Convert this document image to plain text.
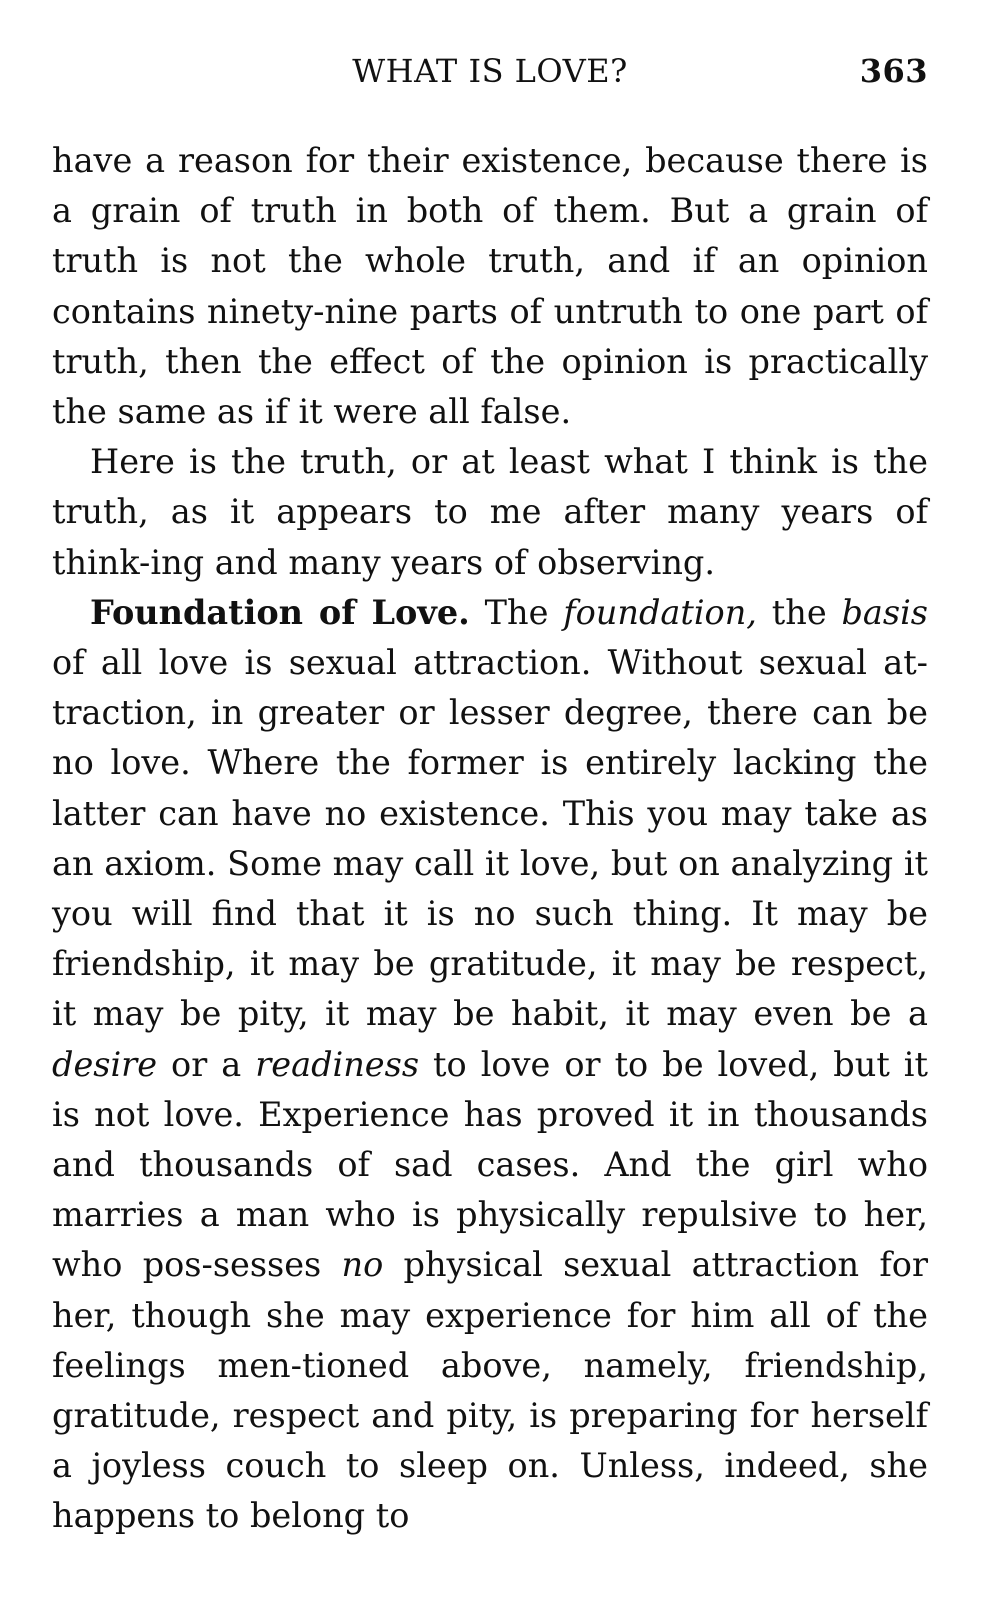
WHAT IS LOVE?	363

have a reason for their existence, because there is a grain of truth in both of them. But a grain of truth is not the whole truth, and if an opinion contains ninety-nine parts of untruth to one part of truth, then the effect of the opinion is practically the same as if it were all false.

Here is the truth, or at least what I think is the truth, as it appears to me after many years of think-ing and many years of observing.

Foundation of Love. The foundation, the basis of all love is sexual attraction. Without sexual at-traction, in greater or lesser degree, there can be no love. Where the former is entirely lacking the latter can have no existence. This you may take as an axiom. Some may call it love, but on analyzing it you will find that it is no such thing. It may be friendship, it may be gratitude, it may be respect, it may be pity, it may be habit, it may even be a desire or a readiness to love or to be loved, but it is not love. Experience has proved it in thousands and thousands of sad cases. And the girl who marries a man who is physically repulsive to her, who pos-sesses no physical sexual attraction for her, though she may experience for him all of the feelings men-tioned above, namely, friendship, gratitude, respect and pity, is preparing for herself a joyless couch to sleep on. Unless, indeed, she happens to belong to
